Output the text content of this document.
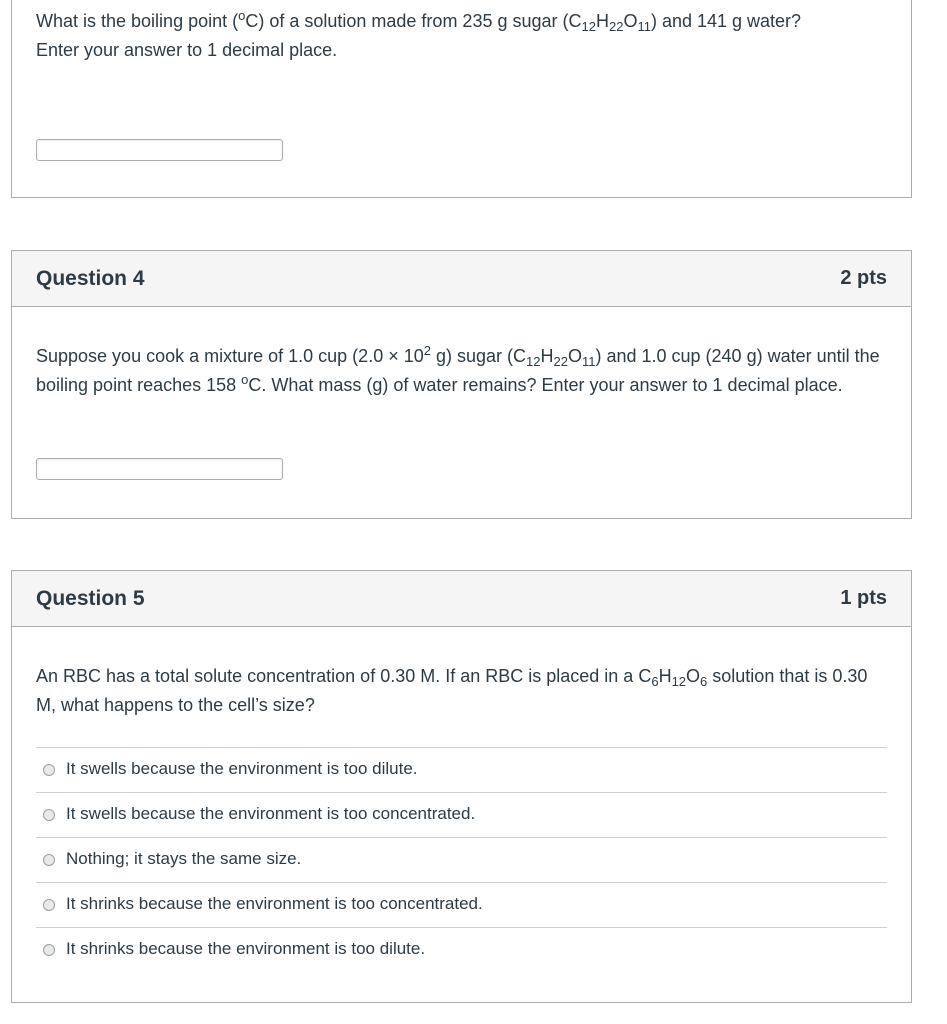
What is the boiling point ($^o$C) of a solution made from 235 g sugar $(C_{12}H_{22}O_{11})$ and 141 g water?
Enter your answer to 1 decimal place.
Question 4	2 pts
Suppose you cook a mixture of 1.0 cup ($2.0 \times 10^2$ g) sugar $(C_{12}H_{22}O_{11})$ and 1.0 cup (240 g) water until the boiling point reaches 158 $^o$C. What mass (g) of water remains? Enter your answer to 1 decimal place.
Question 5	1 pts
An RBC has a total solute concentration of 0.30 M. If an RBC is placed in a $C_6H_{12}O_6$ solution that is 0.30 M, what happens to the cell’s size?
It swells because the environment is too dilute.
It swells because the environment is too concentrated.
Nothing; it stays the same size.
It shrinks because the environment is too concentrated.
It shrinks because the environment is too dilute.
